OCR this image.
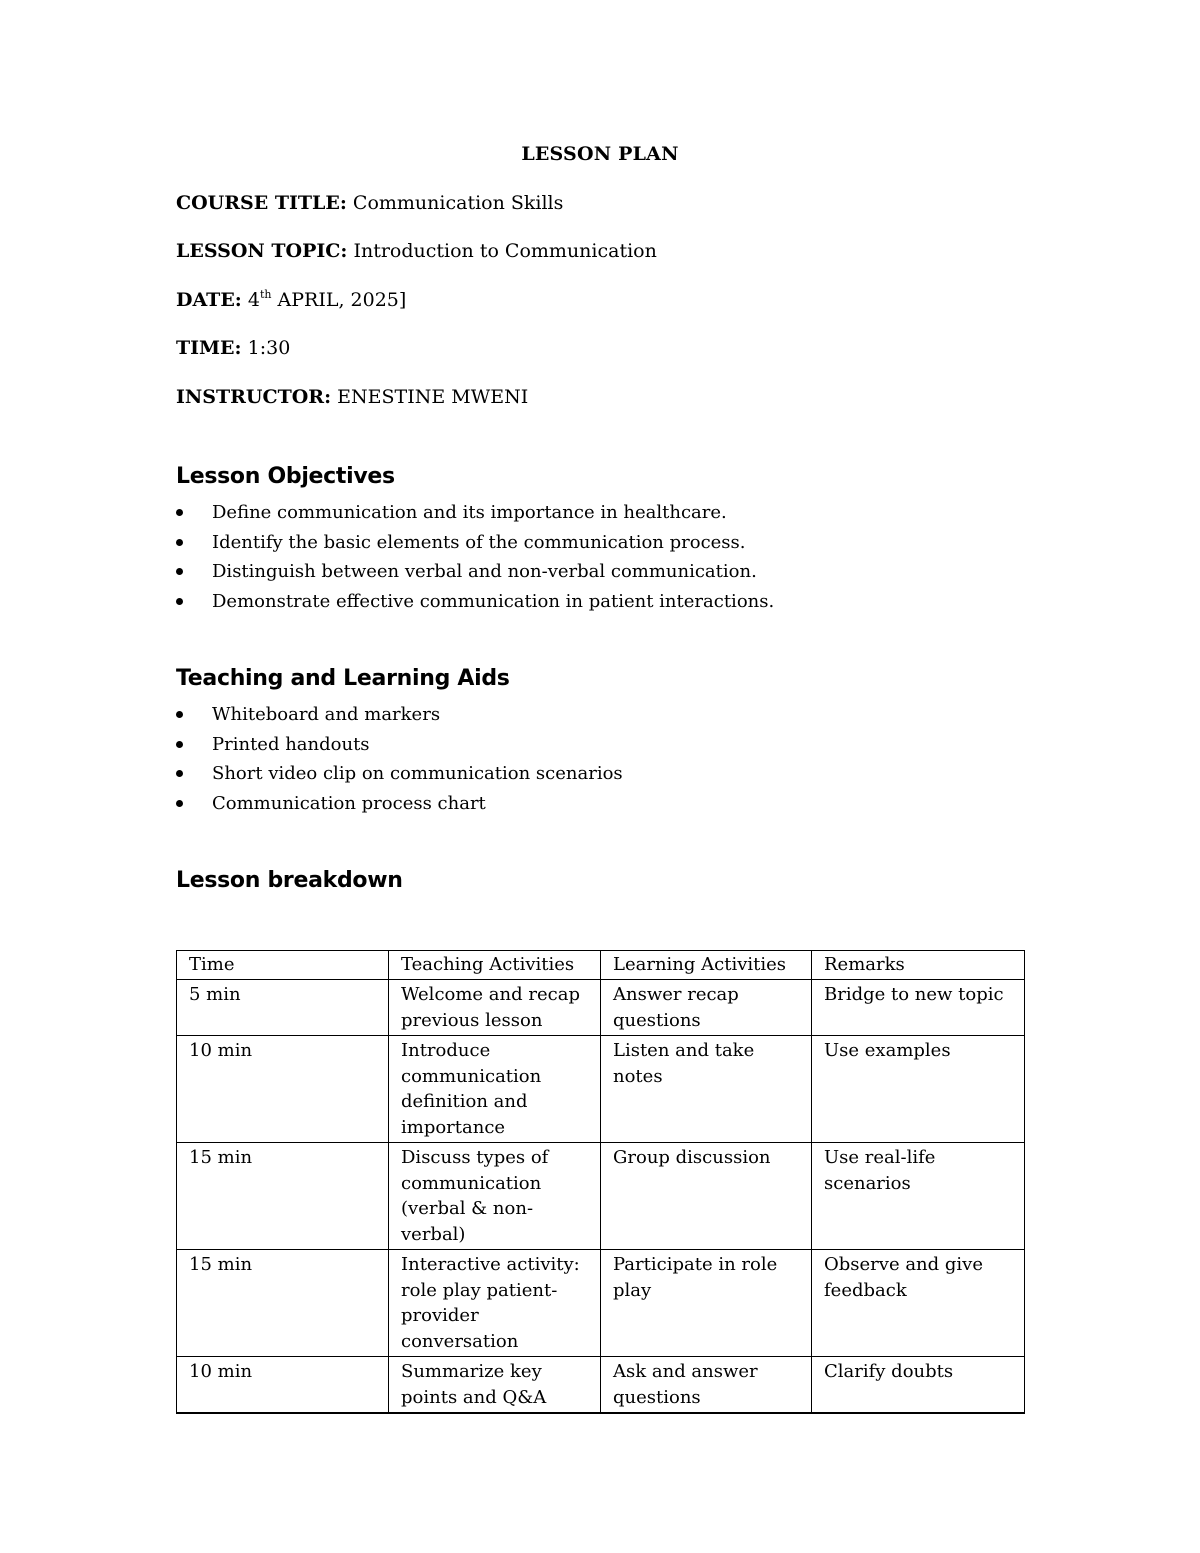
LESSON PLAN
COURSE TITLE: Communication Skills
LESSON TOPIC: Introduction to Communication
DATE: 4th APRIL, 2025]
TIME: 1:30
INSTRUCTOR: ENESTINE MWENI
Lesson Objectives
Define communication and its importance in healthcare.
Identify the basic elements of the communication process.
Distinguish between verbal and non-verbal communication.
Demonstrate effective communication in patient interactions.
Teaching and Learning Aids
Whiteboard and markers
Printed handouts
Short video clip on communication scenarios
Communication process chart
Lesson breakdown
Time	Teaching Activities	Learning Activities	Remarks
5 min	Welcome and recap previous lesson	Answer recap questions	Bridge to new topic
10 min	Introduce communication definition and importance	Listen and take notes	Use examples
15 min	Discuss types of communication (verbal & non-verbal)	Group discussion	Use real-life scenarios
15 min	Interactive activity: role play patient-provider conversation	Participate in role play	Observe and give feedback
10 min	Summarize key points and Q&A	Ask and answer questions	Clarify doubts
